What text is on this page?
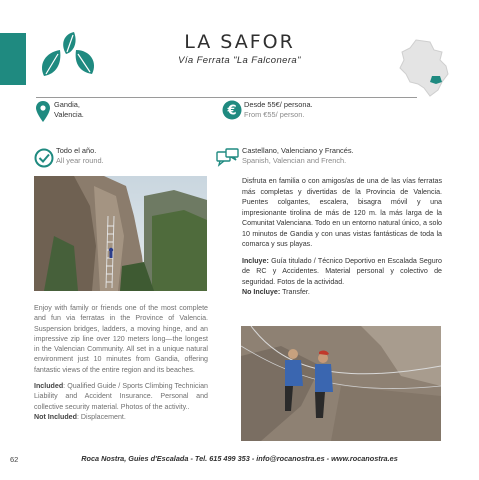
LA SAFOR
Vía Ferrata "La Falconera"
Gandia,
Valencia.	€ Desde 55€/ persona.
From €55/ person.
Todo el año.
All year round.
Castellano, Valenciano y Francés.
Spanish, Valencian and French.

Disfruta en familia o con amigos/as de una de las vías ferratas más completas y divertidas de la Provincia de Valencia. Puentes colgantes, escalera, bisagra móvil y una impresionante tirolina de más de 120 m. la más larga de la Comunitat Valenciana. Todo en un entorno natural único, a solo 10 minutos de Gandia y con unas vistas fantásticas de toda la comarca y sus playas.

Incluye: Guía titulado / Técnico Deportivo en Escalada Seguro de RC y Accidentes. Material personal y colectivo de seguridad. Fotos de la actividad.
No Incluye: Transfer.

Enjoy with family or friends one of the most complete and fun via ferratas in the Province of Valencia. Suspension bridges, ladders, a moving hinge, and an impressive zip line over 120 meters long—the longest in the Valencian Community. All set in a unique natural environment just 10 minutes from Gandia, offering fantastic views of the entire region and its beaches.

Included: Qualified Guide / Sports Climbing Technician Liability and Accident Insurance. Personal and collective security material. Photos of the activity..
Not Included: Displacement.

62	Roca Nostra, Guies d'Escalada - Tel. 615 499 353 - info@rocanostra.es - www.rocanostra.es
